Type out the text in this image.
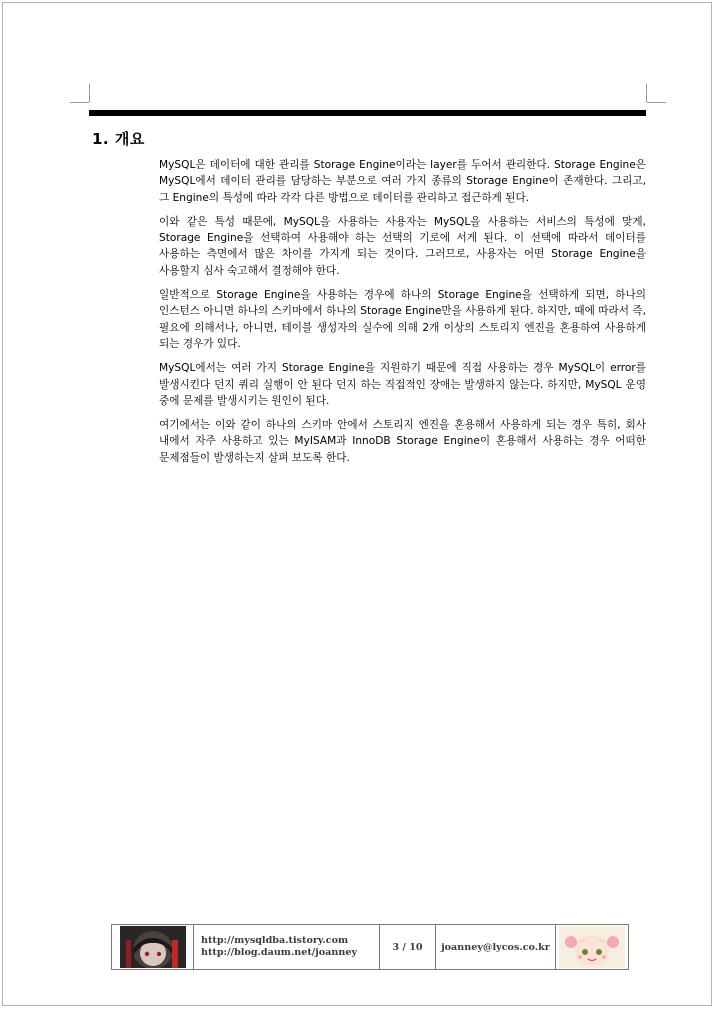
1. 개요

MySQL은 데이터에 대한 관리를 Storage Engine이라는 layer를 두어서 관리한다. Storage Engine은 MySQL에서 데이터 관리를 담당하는 부분으로 여러 가지 종류의 Storage Engine이 존재한다. 그리고, 그 Engine의 특성에 따라 각각 다른 방법으로 데이터를 관리하고 접근하게 된다.

이와 같은 특성 때문에, MySQL을 사용하는 사용자는 MySQL을 사용하는 서비스의 특성에 맞게, Storage Engine을 선택하여 사용해야 하는 선택의 기로에 서게 된다. 이 선택에 따라서 데이터를 사용하는 측면에서 많은 차이를 가지게 되는 것이다. 그러므로, 사용자는 어떤 Storage Engine을 사용할지 심사 숙고해서 결정해야 한다.

일반적으로 Storage Engine을 사용하는 경우에 하나의 Storage Engine을 선택하게 되면, 하나의 인스턴스 아니면 하나의 스키마에서 하나의 Storage Engine만을 사용하게 된다. 하지만, 때에 따라서 즉, 필요에 의해서나, 아니면, 테이블 생성자의 실수에 의해 2개 이상의 스토리지 엔진을 혼용하여 사용하게 되는 경우가 있다.

MySQL에서는 여러 가지 Storage Engine을 지원하기 때문에 직접 사용하는 경우 MySQL이 error를 발생시킨다 던지 쿼리 실행이 안 된다 던지 하는 직접적인 장애는 발생하지 않는다. 하지만, MySQL 운영 중에 문제를 발생시키는 원인이 된다.

여기에서는 이와 같이 하나의 스키마 안에서 스토리지 엔진을 혼용해서 사용하게 되는 경우 특히, 회사 내에서 자주 사용하고 있는 MyISAM과 InnoDB Storage Engine이 혼용해서 사용하는 경우 어떠한 문제점들이 발생하는지 살펴 보도록 한다.

http://mysqldba.tistory.com
http://blog.daum.net/joanney	3 / 10 joanney@lycos.co.kr
